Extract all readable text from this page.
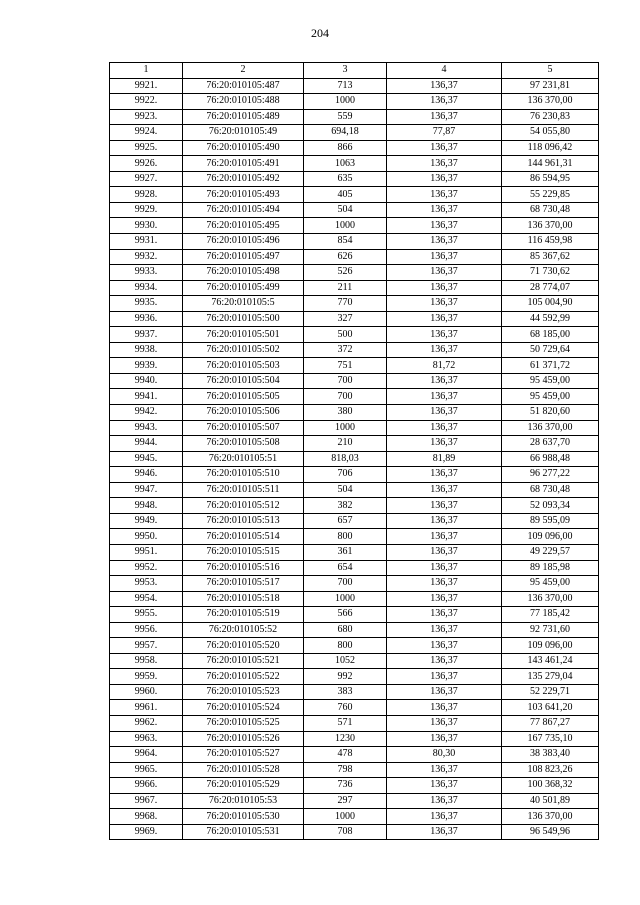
204
1	2	3	4	5
9921.	76:20:010105:487	713	136,37	97 231,81
9922.	76:20:010105:488	1000	136,37	136 370,00
9923.	76:20:010105:489	559	136,37	76 230,83
9924.	76:20:010105:49	694,18	77,87	54 055,80
9925.	76:20:010105:490	866	136,37	118 096,42
9926.	76:20:010105:491	1063	136,37	144 961,31
9927.	76:20:010105:492	635	136,37	86 594,95
9928.	76:20:010105:493	405	136,37	55 229,85
9929.	76:20:010105:494	504	136,37	68 730,48
9930.	76:20:010105:495	1000	136,37	136 370,00
9931.	76:20:010105:496	854	136,37	116 459,98
9932.	76:20:010105:497	626	136,37	85 367,62
9933.	76:20:010105:498	526	136,37	71 730,62
9934.	76:20:010105:499	211	136,37	28 774,07
9935.	76:20:010105:5	770	136,37	105 004,90
9936.	76:20:010105:500	327	136,37	44 592,99
9937.	76:20:010105:501	500	136,37	68 185,00
9938.	76:20:010105:502	372	136,37	50 729,64
9939.	76:20:010105:503	751	81,72	61 371,72
9940.	76:20:010105:504	700	136,37	95 459,00
9941.	76:20:010105:505	700	136,37	95 459,00
9942.	76:20:010105:506	380	136,37	51 820,60
9943.	76:20:010105:507	1000	136,37	136 370,00
9944.	76:20:010105:508	210	136,37	28 637,70
9945.	76:20:010105:51	818,03	81,89	66 988,48
9946.	76:20:010105:510	706	136,37	96 277,22
9947.	76:20:010105:511	504	136,37	68 730,48
9948.	76:20:010105:512	382	136,37	52 093,34
9949.	76:20:010105:513	657	136,37	89 595,09
9950.	76:20:010105:514	800	136,37	109 096,00
9951.	76:20:010105:515	361	136,37	49 229,57
9952.	76:20:010105:516	654	136,37	89 185,98
9953.	76:20:010105:517	700	136,37	95 459,00
9954.	76:20:010105:518	1000	136,37	136 370,00
9955.	76:20:010105:519	566	136,37	77 185,42
9956.	76:20:010105:52	680	136,37	92 731,60
9957.	76:20:010105:520	800	136,37	109 096,00
9958.	76:20:010105:521	1052	136,37	143 461,24
9959.	76:20:010105:522	992	136,37	135 279,04
9960.	76:20:010105:523	383	136,37	52 229,71
9961.	76:20:010105:524	760	136,37	103 641,20
9962.	76:20:010105:525	571	136,37	77 867,27
9963.	76:20:010105:526	1230	136,37	167 735,10
9964.	76:20:010105:527	478	80,30	38 383,40
9965.	76:20:010105:528	798	136,37	108 823,26
9966.	76:20:010105:529	736	136,37	100 368,32
9967.	76:20:010105:53	297	136,37	40 501,89
9968.	76:20:010105:530	1000	136,37	136 370,00
9969.	76:20:010105:531	708	136,37	96 549,96
